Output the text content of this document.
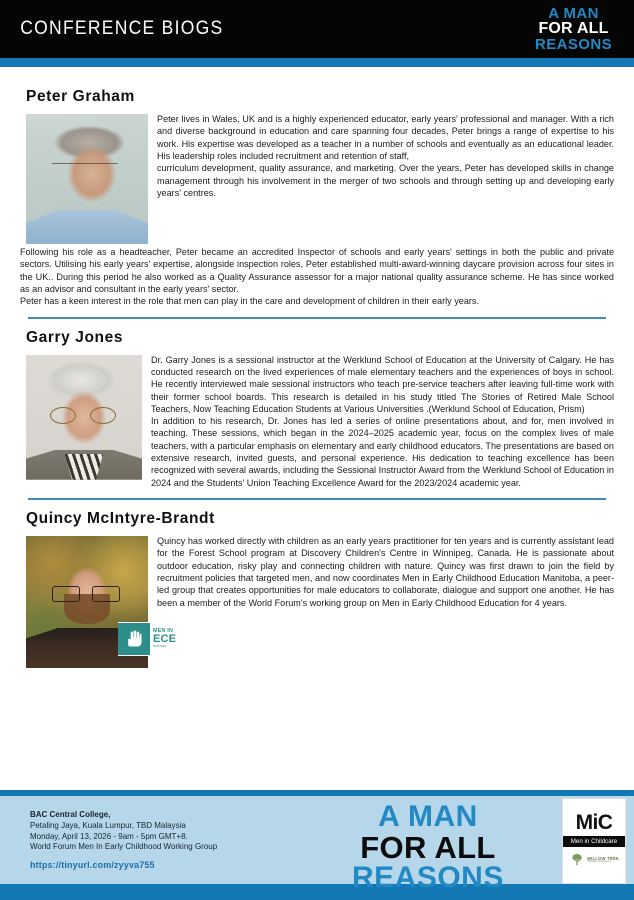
CONFERENCE BIOGS
A MAN
FOR ALL
REASONS
Peter Graham

Peter lives in Wales, UK and is a highly experienced educator, early years' professional and manager. With a rich and diverse background in education and care spanning four decades, Peter brings a range of expertise to his work. His expertise was developed as a teacher in a number of schools and eventually as an educational leader. His leadership roles included recruitment and retention of staff,

curriculum development, quality assurance, and marketing. Over the years, Peter has developed skills in change management through his involvement in the merger of two schools and through setting up and developing early years' centres.

Following his role as a headteacher, Peter became an accredited Inspector of schools and early years' settings in both the public and private sectors. Utilising his early years' expertise, alongside inspection roles, Peter established multi-award-winning daycare provision across four sites in the UK.. During this period he also worked as a Quality Assurance assessor for a major national quality assurance scheme. He has since worked as an advisor and consultant in the early years' sector.

Peter has a keen interest in the role that men can play in the care and development of children in their early years.

Garry Jones

Dr. Garry Jones is a sessional instructor at the Werklund School of Education at the University of Calgary. He has conducted research on the lived experiences of male elementary teachers and the experiences of boys in school. He recently interviewed male sessional instructors who teach pre-service teachers after leaving full-time work with their former school boards. This research is detailed in his study titled The Stories of Retired Male School Teachers, Now Teaching Education Students at Various Universities .(Werklund School of Education, Prism)

In addition to his research, Dr. Jones has led a series of online presentations about, and for, men involved in teaching. These sessions, which began in the 2024–2025 academic year, focus on the complex lives of male teachers, with a particular emphasis on elementary and early childhood educators. The presentations are based on extensive research, invited guests, and personal experience. His dedication to teaching excellence has been recognized with several awards, including the Sessional Instructor Award from the Werklund School of Education in 2024 and the Students' Union Teaching Excellence Award for the 2023/2024 academic year.

Quincy McIntyre-Brandt
MEN IN
ECE
MANITOBA

Quincy has worked directly with children as an early years practitioner for ten years and is currently assistant lead for the Forest School program at Discovery Children's Centre in Winnipeg, Canada. He is passionate about outdoor education, risky play and connecting children with nature. Quincy was first drawn to join the field by recruitment policies that targeted men, and now coordinates Men in Early Childhood Education Manitoba, a peer-led group that creates opportunities for male educators to collaborate, dialogue and support one another. He has been a member of the World Forum's working group on Men in Early Childhood Education for 4 years.

BAC Central College,
Petaling Jaya, Kuala Lumpur, TBD Malaysia
Monday, April 13, 2026 - 9am - 5pm GMT+8.
World Forum Men In Early Childhood Working Group
https://tinyurl.com/zyyva755
A MAN
FOR ALL
REASONS
MiC
Men in Childcare
WILLOW TREE
Childcare Consultancy
